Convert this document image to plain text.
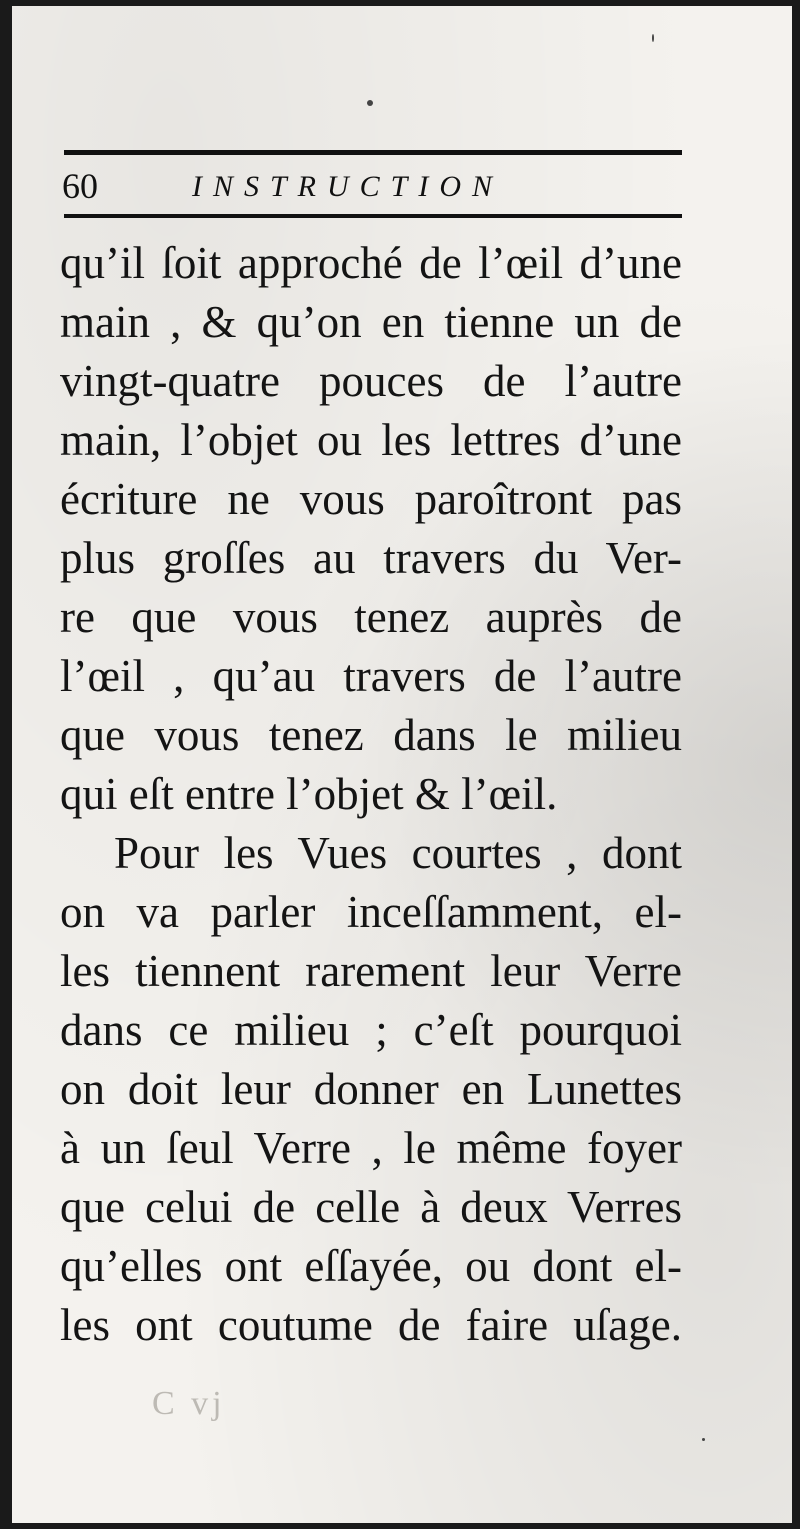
60	INSTRUCTION
qu’il ſoit approché de l’œil d’une
main , & qu’on en tienne un de
vingt-quatre pouces de l’autre
main, l’objet ou les lettres d’une
écriture ne vous paroîtront pas
plus groſſes au travers du Ver-
re que vous tenez auprès de
l’œil , qu’au travers de l’autre
que vous tenez dans le milieu
qui eſt entre l’objet & l’œil.
Pour les Vues courtes , dont
on va parler inceſſamment, el-
les tiennent rarement leur Verre
dans ce milieu ; c’eſt pourquoi
on doit leur donner en Lunettes
à un ſeul Verre , le même foyer
que celui de celle à deux Verres
qu’elles ont eſſayée, ou dont el-
les ont coutume de faire uſage.
C vj
